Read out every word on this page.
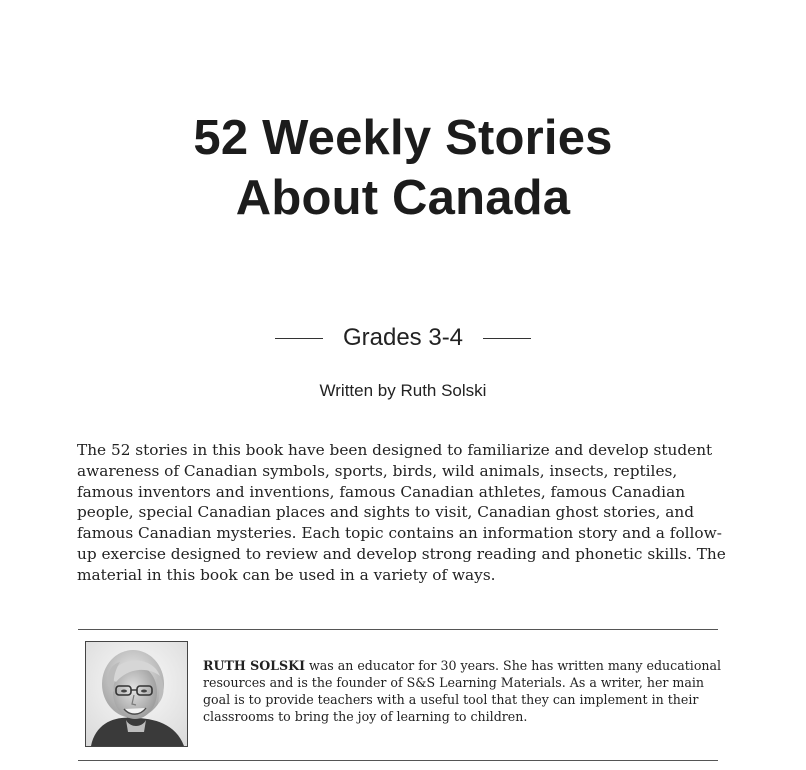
52 Weekly Stories
About Canada
Grades 3-4
Written by Ruth Solski
The 52 stories in this book have been designed to familiarize and develop student awareness of Canadian symbols, sports, birds, wild animals, insects, reptiles, famous inventors and inventions, famous Canadian athletes, famous Canadian people, special Canadian places and sights to visit, Canadian ghost stories, and famous Canadian mysteries. Each topic contains an information story and a follow-up exercise designed to review and develop strong reading and phonetic skills. The material in this book can be used in a variety of ways.
RUTH SOLSKI was an educator for 30 years. She has written many educational resources and is the founder of S&S Learning Materials. As a writer, her main goal is to provide teachers with a useful tool that they can implement in their classrooms to bring the joy of learning to children.
